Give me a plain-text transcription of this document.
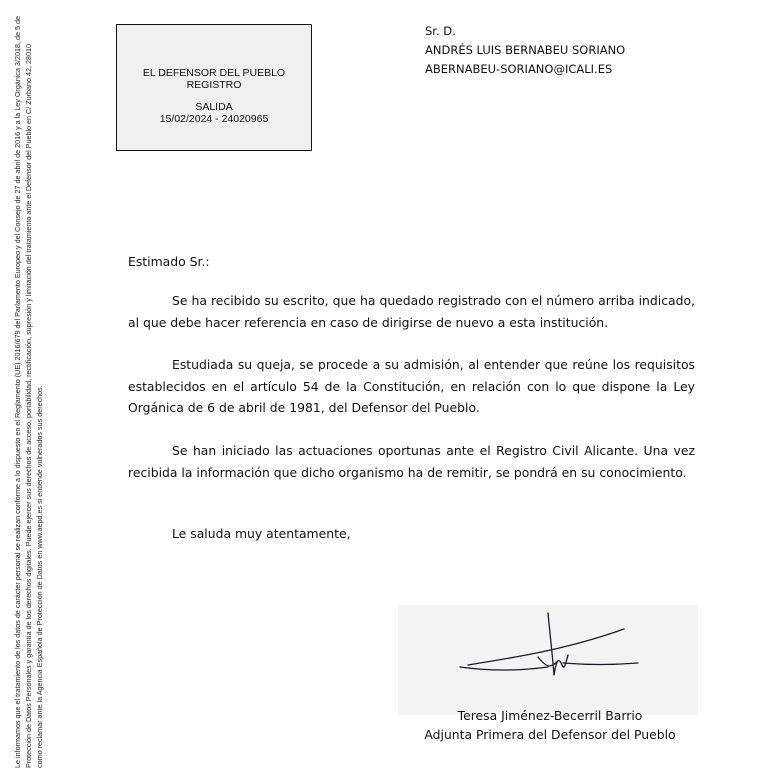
Le informamos que el tratamiento de los datos de carácter personal se realizan conforme a lo dispuesto en el Reglamento (UE) 2016/679 del Parlamento Europeo y del Consejo de 27 de abril de 2016 y a la Ley Orgánica 3/2018, de 5 de Protección de Datos Personales y garantía de los derechos digitales. Puede ejercer sus derechos de acceso, portabilidad, rectificación, supresión y limitación del tratamiento ante el Defensor del Pueblo en C/ Zurbano 42, 28010 como reclamar ante la Agencia Española de Protección de Datos en www.aepd.es si entiende vulnerados sus derechos.
EL DEFENSOR DEL PUEBLO
REGISTRO
SALIDA
15/02/2024 - 24020965
Sr. D.
ANDRÉS LUIS BERNABEU SORIANO
ABERNABEU-SORIANO@ICALI.ES
Estimado Sr.:
Se ha recibido su escrito, que ha quedado registrado con el número arriba indicado, al que debe hacer referencia en caso de dirigirse de nuevo a esta institución.
Estudiada su queja, se procede a su admisión, al entender que reúne los requisitos establecidos en el artículo 54 de la Constitución, en relación con lo que dispone la Ley Orgánica de 6 de abril de 1981, del Defensor del Pueblo.
Se han iniciado las actuaciones oportunas ante el Registro Civil Alicante. Una vez recibida la información que dicho organismo ha de remitir, se pondrá en su conocimiento.
Le saluda muy atentamente,
Teresa Jiménez-Becerril Barrio
Adjunta Primera del Defensor del Pueblo
